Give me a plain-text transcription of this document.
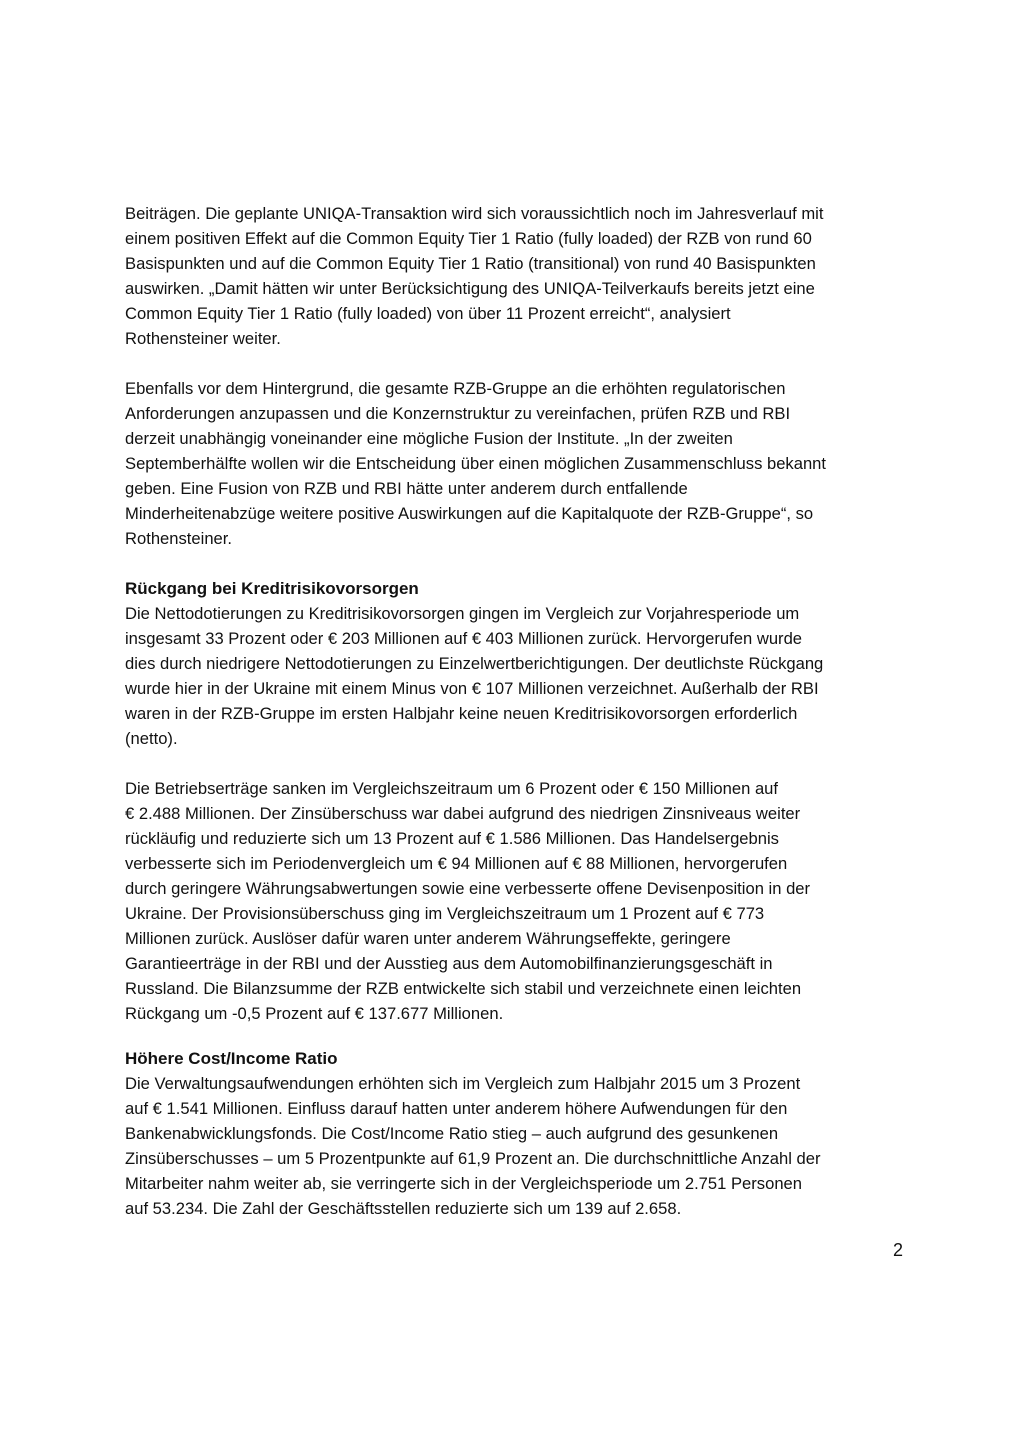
Beiträgen. Die geplante UNIQA-Transaktion wird sich voraussichtlich noch im Jahresverlauf mit
einem positiven Effekt auf die Common Equity Tier 1 Ratio (fully loaded) der RZB von rund 60
Basispunkten und auf die Common Equity Tier 1 Ratio (transitional) von rund 40 Basispunkten
auswirken. „Damit hätten wir unter Berücksichtigung des UNIQA-Teilverkaufs bereits jetzt eine
Common Equity Tier 1 Ratio (fully loaded) von über 11 Prozent erreicht“, analysiert
Rothensteiner weiter.
Ebenfalls vor dem Hintergrund, die gesamte RZB-Gruppe an die erhöhten regulatorischen
Anforderungen anzupassen und die Konzernstruktur zu vereinfachen, prüfen RZB und RBI
derzeit unabhängig voneinander eine mögliche Fusion der Institute. „In der zweiten
Septemberhälfte wollen wir die Entscheidung über einen möglichen Zusammenschluss bekannt
geben. Eine Fusion von RZB und RBI hätte unter anderem durch entfallende
Minderheitenabzüge weitere positive Auswirkungen auf die Kapitalquote der RZB-Gruppe“, so
Rothensteiner.
Rückgang bei Kreditrisikovorsorgen
Die Nettodotierungen zu Kreditrisikovorsorgen gingen im Vergleich zur Vorjahresperiode um
insgesamt 33 Prozent oder € 203 Millionen auf € 403 Millionen zurück. Hervorgerufen wurde
dies durch niedrigere Nettodotierungen zu Einzelwertberichtigungen. Der deutlichste Rückgang
wurde hier in der Ukraine mit einem Minus von € 107 Millionen verzeichnet. Außerhalb der RBI
waren in der RZB-Gruppe im ersten Halbjahr keine neuen Kreditrisikovorsorgen erforderlich
(netto).
Die Betriebserträge sanken im Vergleichszeitraum um 6 Prozent oder € 150 Millionen auf
€ 2.488 Millionen. Der Zinsüberschuss war dabei aufgrund des niedrigen Zinsniveaus weiter
rückläufig und reduzierte sich um 13 Prozent auf € 1.586 Millionen. Das Handelsergebnis
verbesserte sich im Periodenvergleich um € 94 Millionen auf € 88 Millionen, hervorgerufen
durch geringere Währungsabwertungen sowie eine verbesserte offene Devisenposition in der
Ukraine. Der Provisionsüberschuss ging im Vergleichszeitraum um 1 Prozent auf € 773
Millionen zurück. Auslöser dafür waren unter anderem Währungseffekte, geringere
Garantieerträge in der RBI und der Ausstieg aus dem Automobilfinanzierungsgeschäft in
Russland. Die Bilanzsumme der RZB entwickelte sich stabil und verzeichnete einen leichten
Rückgang um -0,5 Prozent auf € 137.677 Millionen.
Höhere Cost/Income Ratio
Die Verwaltungsaufwendungen erhöhten sich im Vergleich zum Halbjahr 2015 um 3 Prozent
auf € 1.541 Millionen. Einfluss darauf hatten unter anderem höhere Aufwendungen für den
Bankenabwicklungsfonds. Die Cost/Income Ratio stieg – auch aufgrund des gesunkenen
Zinsüberschusses – um 5 Prozentpunkte auf 61,9 Prozent an. Die durchschnittliche Anzahl der
Mitarbeiter nahm weiter ab, sie verringerte sich in der Vergleichsperiode um 2.751 Personen
auf 53.234. Die Zahl der Geschäftsstellen reduzierte sich um 139 auf 2.658.
2
